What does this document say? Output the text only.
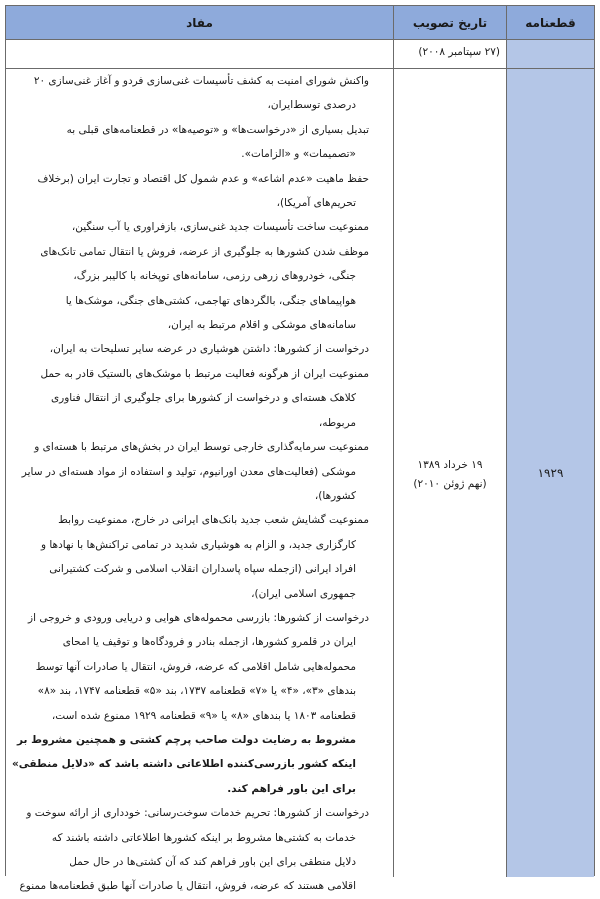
قطعنامه
تاریخ تصویب
مفاد
(۲۷ سپتامبر ۲۰۰۸)
۱۹۲۹
۱۹ خرداد ۱۳۸۹
(نهم ژوئن ۲۰۱۰)
واکنش شورای امنیت به کشف تأسیسات غنی‌سازی فردو و آغاز غنی‌سازی ۲۰
درصدی توسط‌ایران،
تبدیل بسیاری از «درخواست‌ها» و «توصیه‌ها» در قطعنامه‌های قبلی به
«تصمیمات» و «الزامات».
حفظ ماهیت «عدم اشاعه» و عدم شمول کل اقتصاد و تجارت ایران (برخلاف
تحریم‌های آمریکا)،
ممنوعیت ساخت تأسیسات جدید غنی‌سازی، بازفراوری یا آب سنگین،
موظف شدن کشورها به جلوگیری از عرضه، فروش یا انتقال تمامی تانک‌های
جنگی، خودروهای زرهی رزمی، سامانه‌های توپخانه با کالیبر بزرگ،
هواپیماهای جنگی، بالگردهای تهاجمی، کشتی‌های جنگی، موشک‌ها یا
سامانه‌های موشکی و اقلام مرتبط به ایران،
درخواست از کشورها: داشتن هوشیاری در عرضه سایر تسلیحات به ایران،
ممنوعیت ایران از هرگونه فعالیت مرتبط با موشک‌های بالستیک قادر به حمل
کلاهک هسته‌ای و درخواست از کشورها برای جلوگیری از انتقال فناوری
مربوطه،
ممنوعیت سرمایه‌گذاری خارجی توسط ایران در بخش‌های مرتبط با هسته‌ای و
موشکی (فعالیت‌های معدن اورانیوم، تولید و استفاده از مواد هسته‌ای در سایر
کشورها)،
ممنوعیت گشایش شعب جدید بانک‌های ایرانی در خارج، ممنوعیت روابط
کارگزاری جدید، و الزام به هوشیاری شدید در تمامی تراکنش‌ها با نهادها و
افراد ایرانی (ازجمله سپاه پاسداران انقلاب اسلامی و شرکت کشتیرانی
جمهوری اسلامی ایران)،
درخواست از کشورها: بازرسی محموله‌های هوایی و دریایی ورودی و خروجی از
ایران در قلمرو کشورها، ازجمله بنادر و فرودگاه‌ها و توقیف یا امحای
محموله‌هایی شامل اقلامی که عرضه، فروش، انتقال یا صادرات آنها توسط
بندهای «۳»، «۴» یا «۷» قطعنامه ۱۷۳۷، بند «۵» قطعنامه ۱۷۴۷، بند «۸»
قطعنامه ۱۸۰۳ یا بندهای «۸» یا «۹» قطعنامه ۱۹۲۹ ممنوع شده است،
مشروط به رضایت دولت صاحب پرچم کشتی و همچنین مشروط بر
اینکه کشور بازرسی‌کننده اطلاعاتی داشته باشد که «دلایل منطقی»
برای این باور فراهم کند.
درخواست از کشورها: تحریم خدمات سوخت‌رسانی: خودداری از ارائه سوخت و
خدمات به کشتی‌ها مشروط بر اینکه کشورها اطلاعاتی داشته باشند که
دلایل منطقی برای این باور فراهم کند که آن کشتی‌ها در حال حمل
اقلامی هستند که عرضه، فروش، انتقال یا صادرات آنها طبق قطعنامه‌ها ممنوع
